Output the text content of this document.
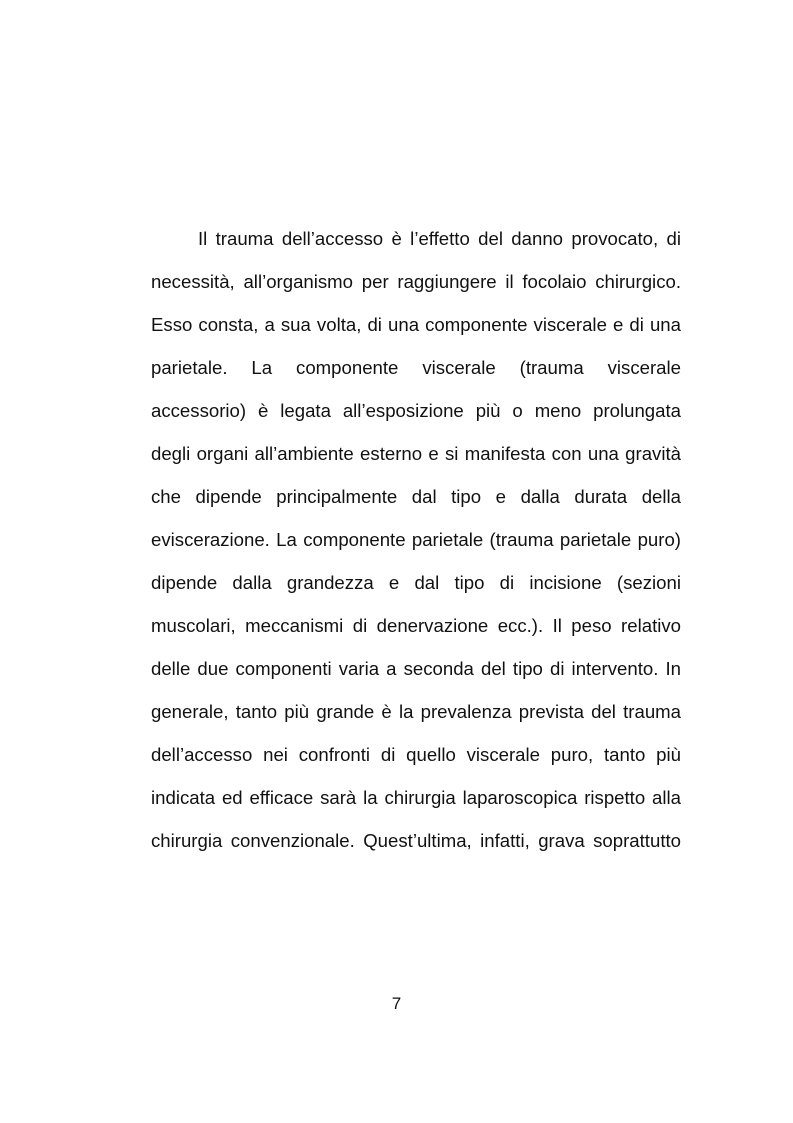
Il trauma dell’accesso è l’effetto del danno provocato, di
necessità, all’organismo per raggiungere il focolaio chirurgico.
Esso consta, a sua volta, di una componente viscerale e di una
parietale. La componente viscerale (trauma viscerale
accessorio) è legata all’esposizione più o meno prolungata
degli organi all’ambiente esterno e si manifesta con una gravità
che dipende principalmente dal tipo e dalla durata della
eviscerazione. La componente parietale (trauma parietale puro)
dipende dalla grandezza e dal tipo di incisione (sezioni
muscolari, meccanismi di denervazione ecc.). Il peso relativo
delle due componenti varia a seconda del tipo di intervento. In
generale, tanto più grande è la prevalenza prevista del trauma
dell’accesso nei confronti di quello viscerale puro, tanto più
indicata ed efficace sarà la chirurgia laparoscopica rispetto alla
chirurgia convenzionale. Quest’ultima, infatti, grava soprattutto
7
